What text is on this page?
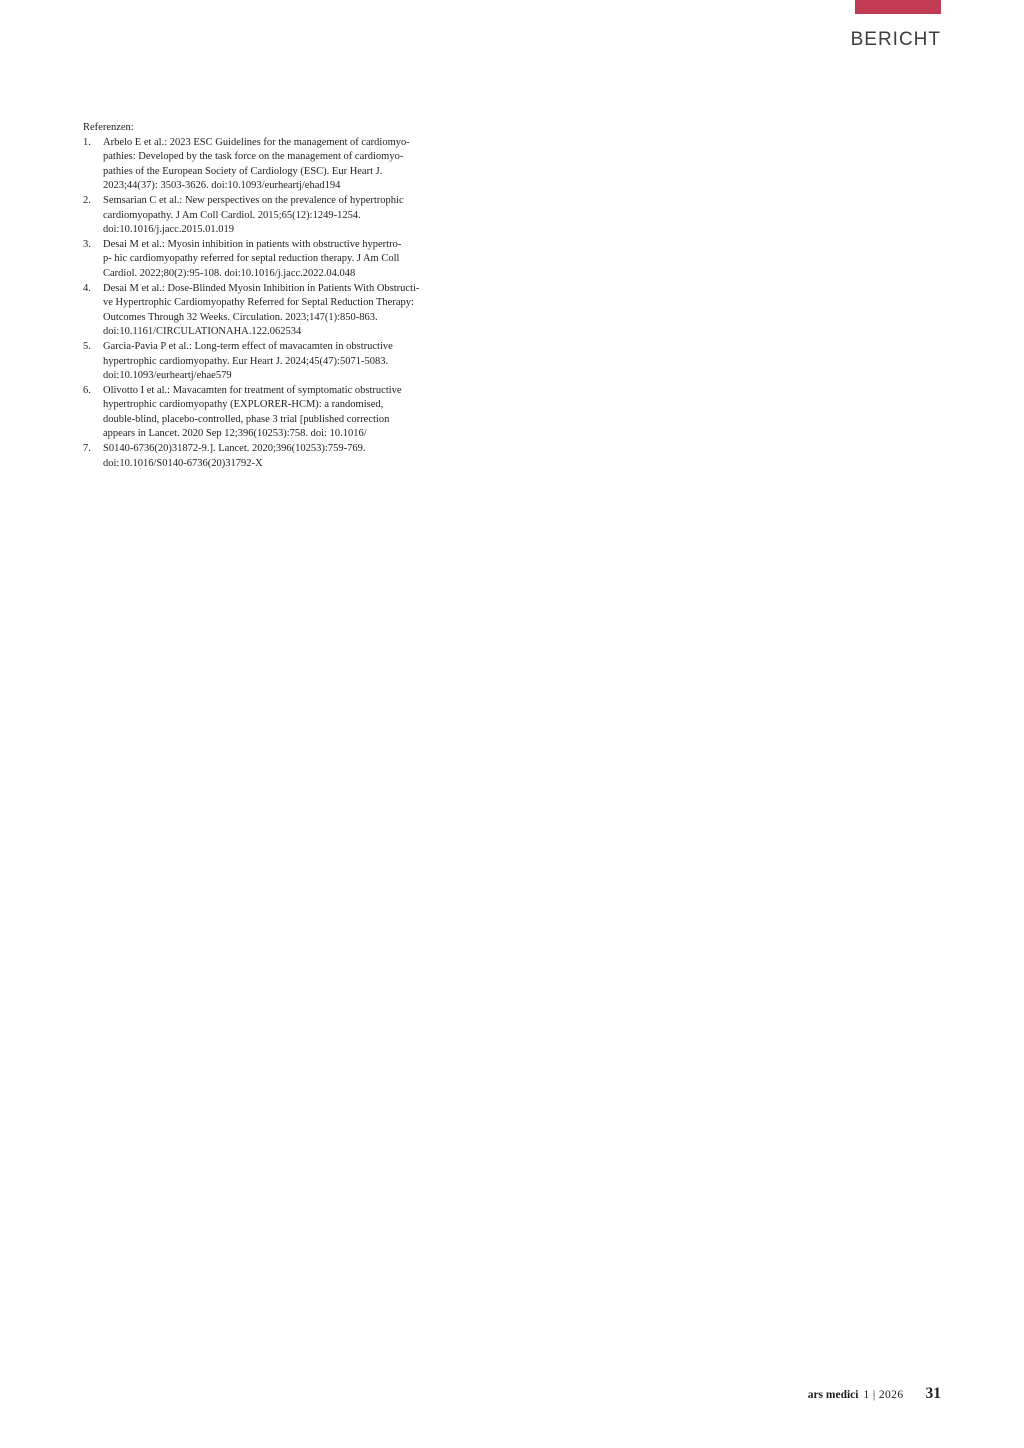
BERICHT
Referenzen:
1.	Arbelo E et al.: 2023 ESC Guidelines for the management of cardiomyo-
pathies: Developed by the task force on the management of cardiomyo-
pathies of the European Society of Cardiology (ESC). Eur Heart J.
2023;44(37): 3503-3626. doi:10.1093/eurheartj/ehad194
2.	Semsarian C et al.: New perspectives on the prevalence of hypertrophic
cardiomyopathy. J Am Coll Cardiol. 2015;65(12):1249-1254.
doi:10.1016/j.jacc.2015.01.019
3.	Desai M et al.: Myosin inhibition in patients with obstructive hypertro-
p- hic cardiomyopathy referred for septal reduction therapy. J Am Coll
Cardiol. 2022;80(2):95-108. doi:10.1016/j.jacc.2022.04.048
4.	Desai M et al.: Dose-Blinded Myosin Inhibition in Patients With Obstructi-
ve Hypertrophic Cardiomyopathy Referred for Septal Reduction Therapy:
Outcomes Through 32 Weeks. Circulation. 2023;147(1):850-863.
doi:10.1161/CIRCULATIONAHA.122.062534
5.	Garcia-Pavia P et al.: Long-term effect of mavacamten in obstructive
hypertrophic cardiomyopathy. Eur Heart J. 2024;45(47):5071-5083.
doi:10.1093/eurheartj/ehae579
6.	Olivotto I et al.: Mavacamten for treatment of symptomatic obstructive
hypertrophic cardiomyopathy (EXPLORER-HCM): a randomised,
double-blind, placebo-controlled, phase 3 trial [published correction
appears in Lancet. 2020 Sep 12;396(10253):758. doi: 10.1016/
7.	S0140-6736(20)31872-9.]. Lancet. 2020;396(10253):759-769.
doi:10.1016/S0140-6736(20)31792-X
ars medici 1 | 2026 31
